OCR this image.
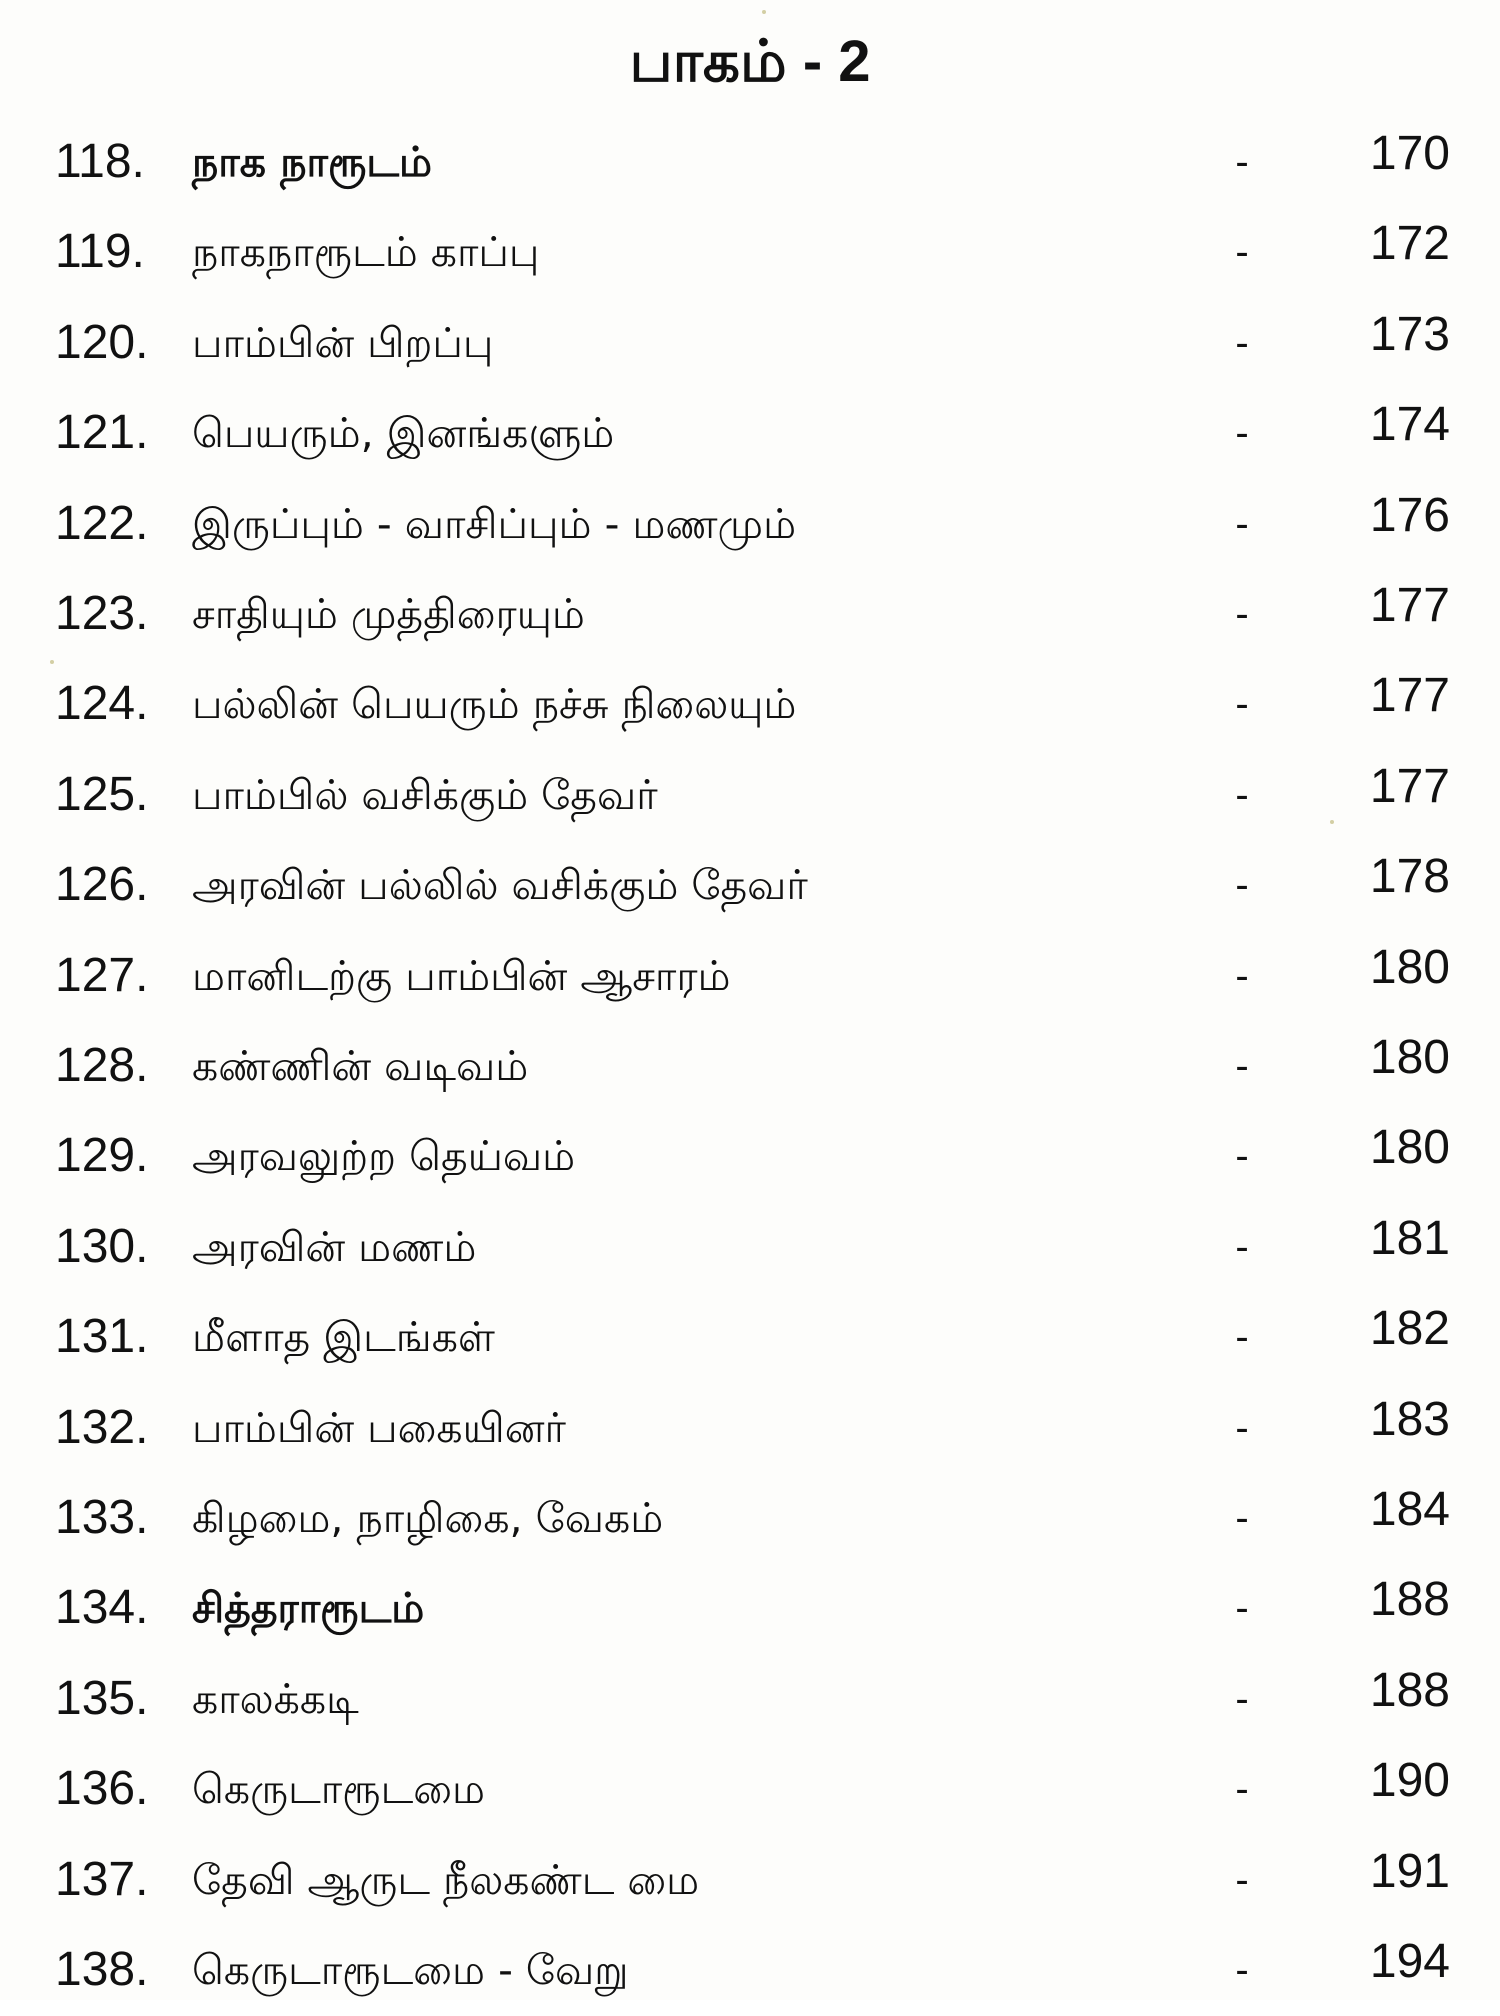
பாகம் - 2
118.	நாக நாரூடம்	-	170
119.	நாகநாரூடம் காப்பு	-	172
120.	பாம்பின் பிறப்பு	-	173
121.	பெயரும், இனங்களும்	-	174
122.	இருப்பும் - வாசிப்பும் - மணமும்	-	176
123.	சாதியும் முத்திரையும்	-	177
124.	பல்லின் பெயரும் நச்சு நிலையும்	-	177
125.	பாம்பில் வசிக்கும் தேவர்	-	177
126.	அரவின் பல்லில் வசிக்கும் தேவர்	-	178
127.	மானிடற்கு பாம்பின் ஆசாரம்	-	180
128.	கண்ணின் வடிவம்	-	180
129.	அரவலுற்ற தெய்வம்	-	180
130.	அரவின் மணம்	-	181
131.	மீளாத இடங்கள்	-	182
132.	பாம்பின் பகையினர்	-	183
133.	கிழமை, நாழிகை, வேகம்	-	184
134.	சித்தராரூடம்	-	188
135.	காலக்கடி	-	188
136.	கெருடாரூடமை	-	190
137.	தேவி ஆருட நீலகண்ட மை	-	191
138.	கெருடாரூடமை - வேறு	-	194
